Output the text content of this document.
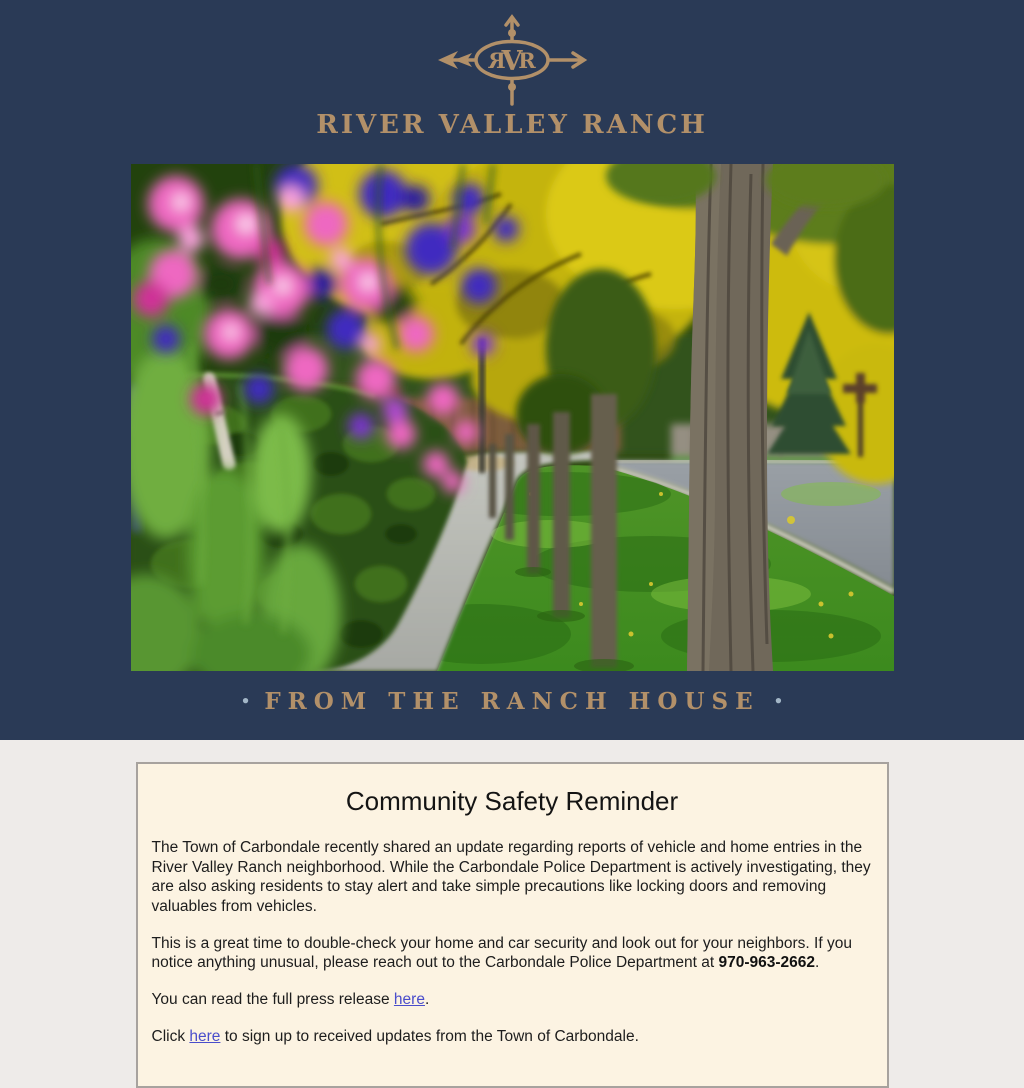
R
V
R
RIVER VALLEY RANCH
• FROM THE RANCH HOUSE •
Community Safety Reminder

The Town of Carbondale recently shared an update regarding reports of vehicle and home entries in the River Valley Ranch neighborhood. While the Carbondale Police Department is actively investigating, they are also asking residents to stay alert and take simple precautions like locking doors and removing valuables from vehicles.

This is a great time to double-check your home and car security and look out for your neighbors. If you notice anything unusual, please reach out to the Carbondale Police Department at 970-963-2662.

You can read the full press release here.

Click here to sign up to received updates from the Town of Carbondale.
